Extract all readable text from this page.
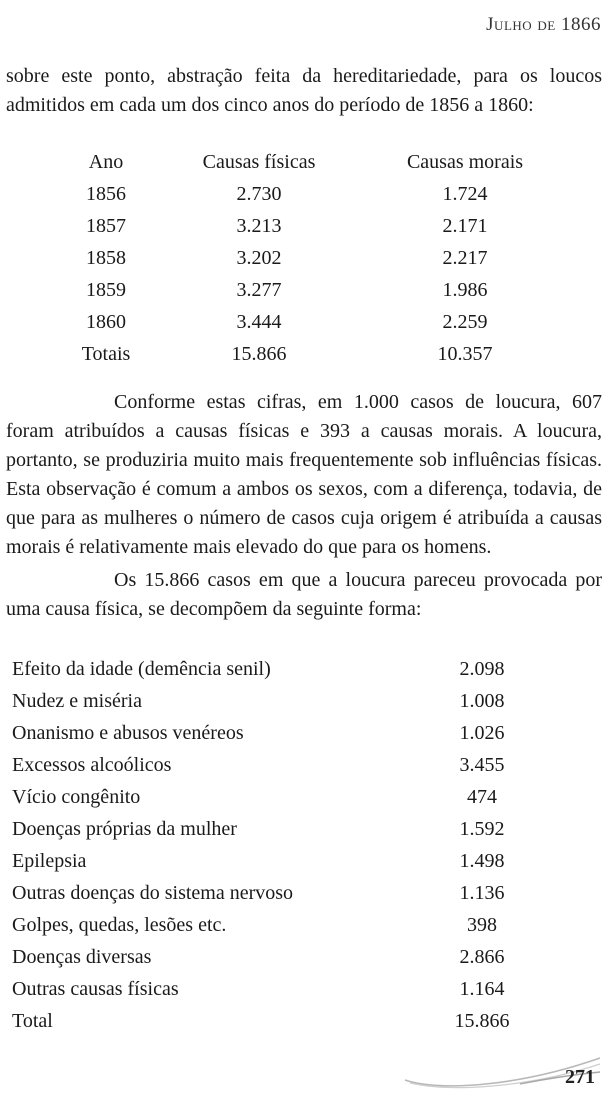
Julho de 1866

sobre este ponto, abstração feita da hereditariedade, para os loucos admitidos em cada um dos cinco anos do período de 1856 a 1860:

Ano	Causas físicas	Causas morais
1856	2.730	1.724
1857	3.213	2.171
1858	3.202	2.217
1859	3.277	1.986
1860	3.444	2.259
Totais	15.866	10.357

Conforme estas cifras, em 1.000 casos de loucura, 607 foram atribuídos a causas físicas e 393 a causas morais. A loucura, portanto, se produziria muito mais frequentemente sob influências físicas. Esta observação é comum a ambos os sexos, com a diferença, todavia, de que para as mulheres o número de casos cuja origem é atribuída a causas morais é relativamente mais elevado do que para os homens.

Os 15.866 casos em que a loucura pareceu provocada por uma causa física, se decompõem da seguinte forma:

Efeito da idade (demência senil)	2.098
Nudez e miséria	1.008
Onanismo e abusos venéreos	1.026
Excessos alcoólicos	3.455
Vício congênito	474
Doenças próprias da mulher	1.592
Epilepsia	1.498
Outras doenças do sistema nervoso	1.136
Golpes, quedas, lesões etc.	398
Doenças diversas	2.866
Outras causas físicas	1.164
Total	15.866
271
